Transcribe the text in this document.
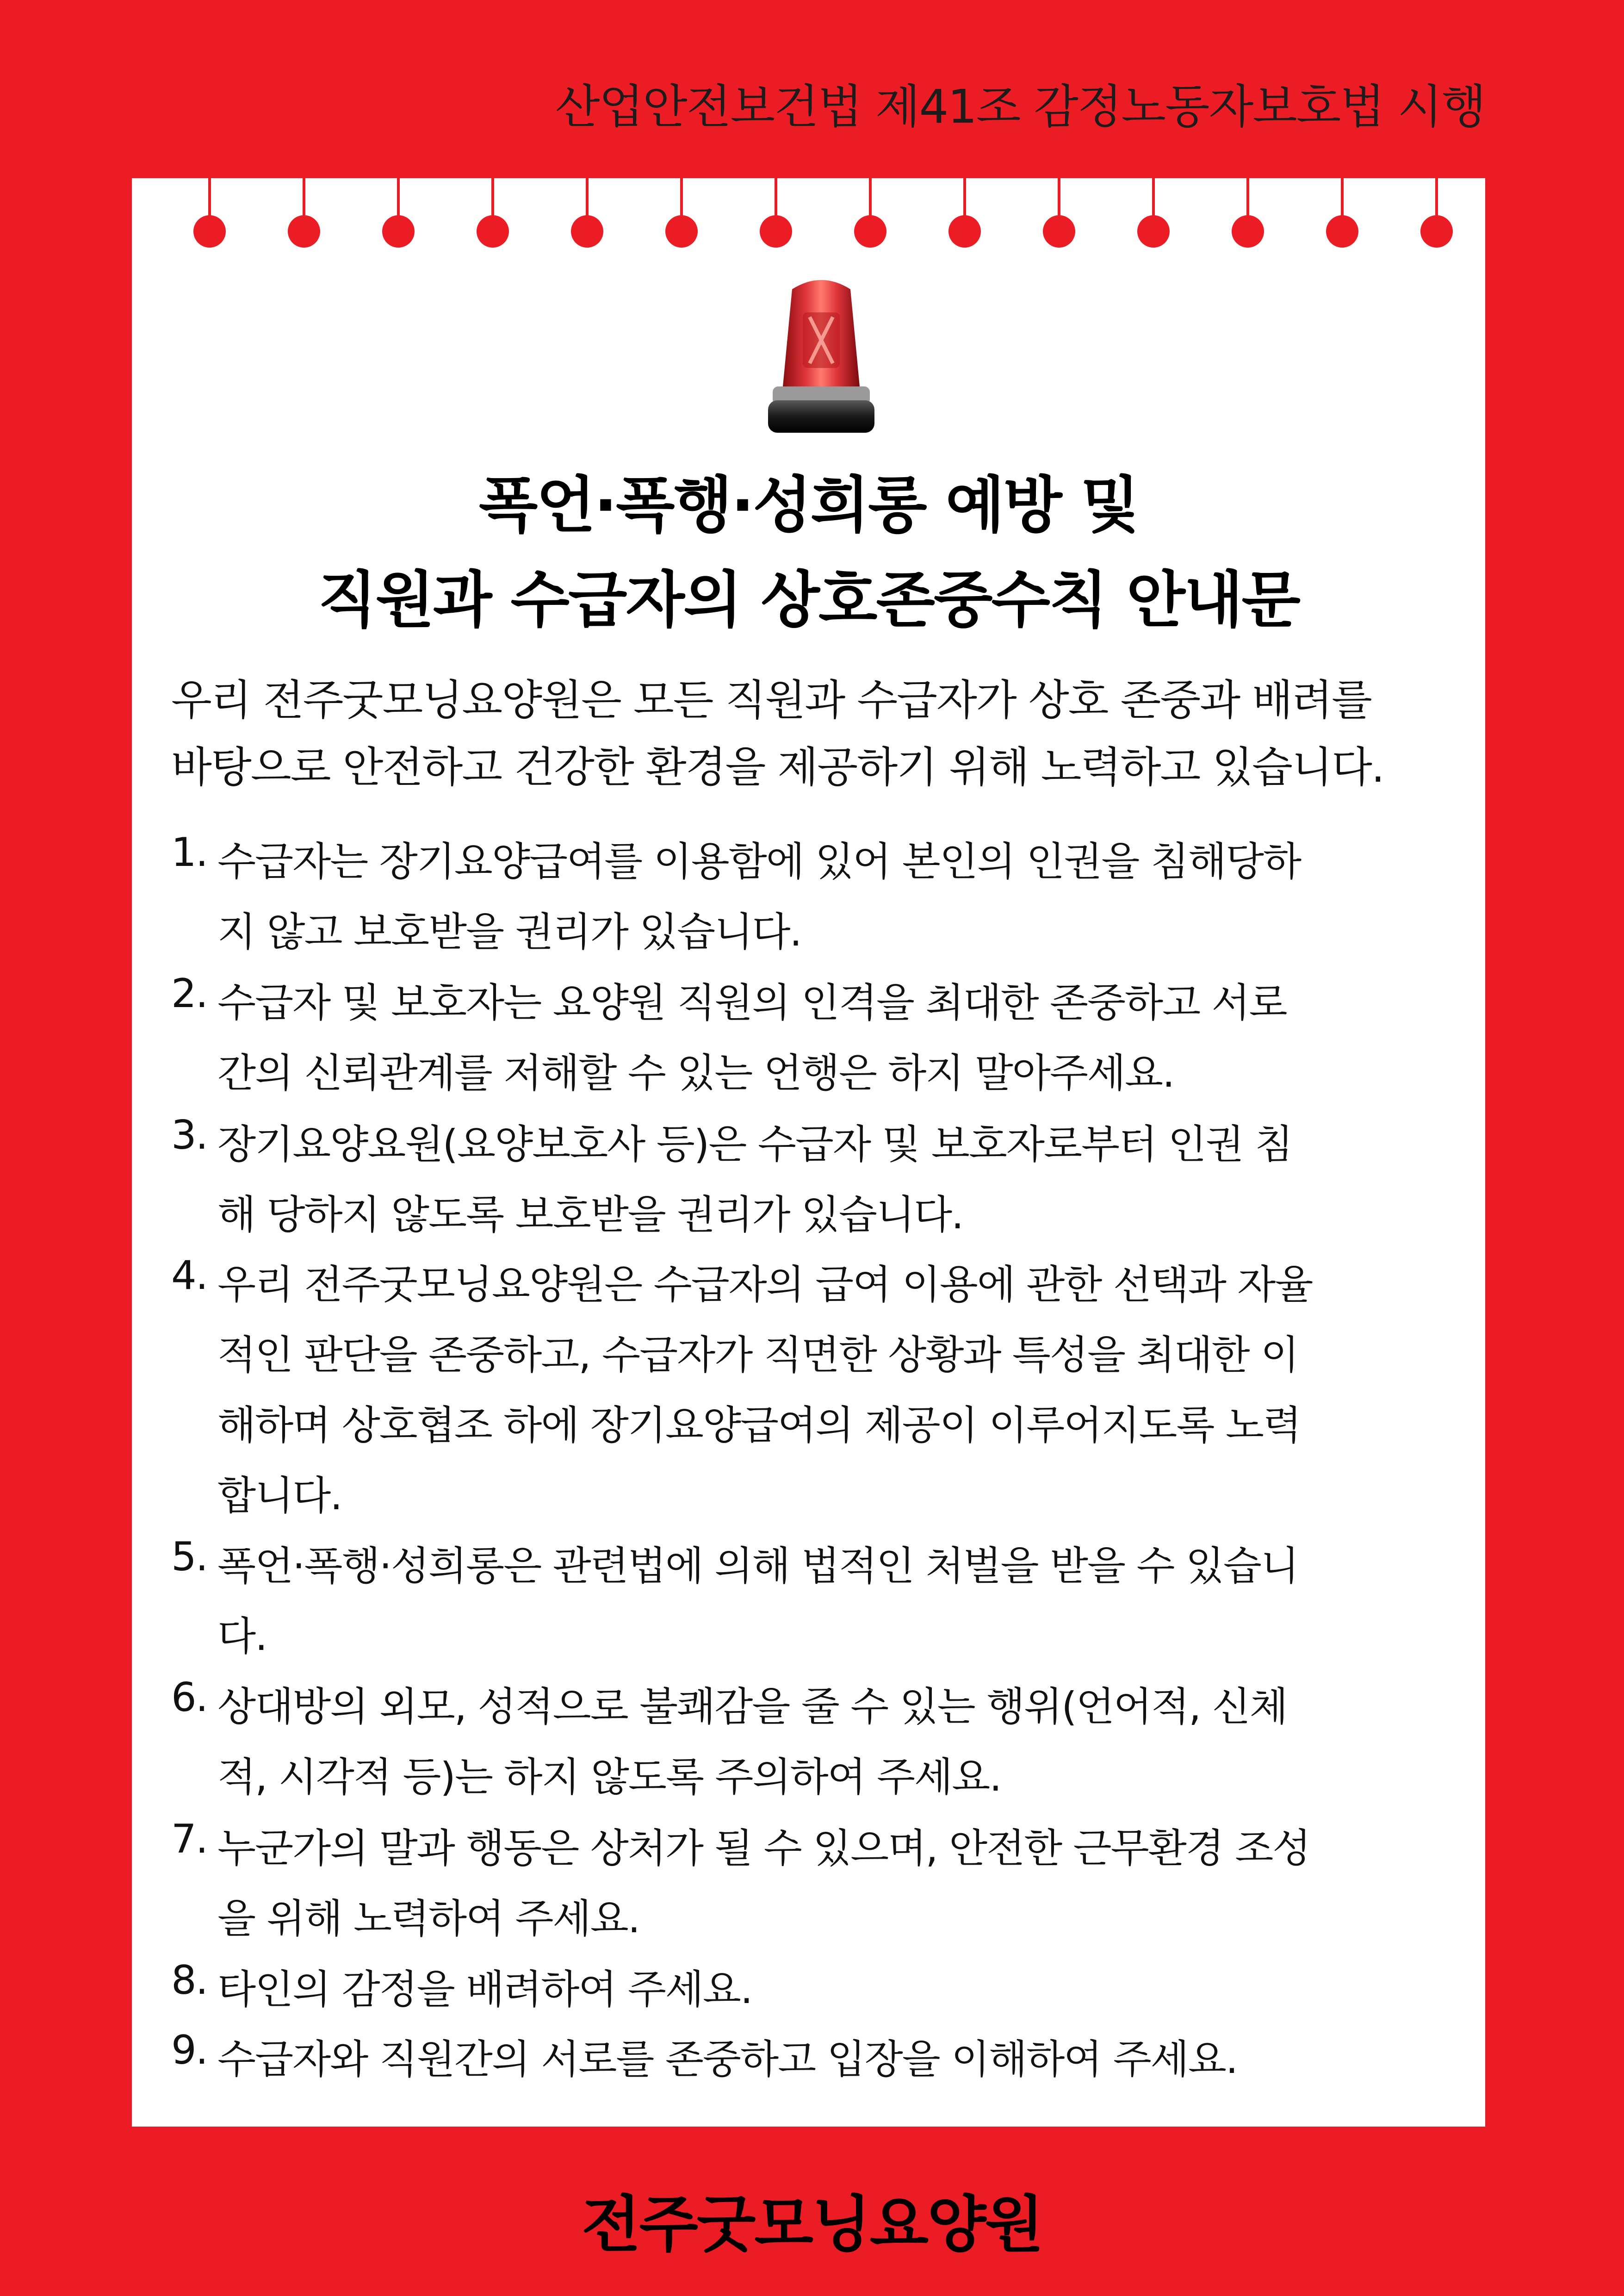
산업안전보건법 제41조 감정노동자보호법 시행
폭언·폭행·성희롱 예방 및
직원과 수급자의 상호존중수칙 안내문
우리 전주굿모닝요양원은 모든 직원과 수급자가 상호 존중과 배려를
바탕으로 안전하고 건강한 환경을 제공하기 위해 노력하고 있습니다.
1. 수급자는 장기요양급여를 이용함에 있어 본인의 인권을 침해당하
지 않고 보호받을 권리가 있습니다.
2. 수급자 및 보호자는 요양원 직원의 인격을 최대한 존중하고 서로
간의 신뢰관계를 저해할 수 있는 언행은 하지 말아주세요.
3. 장기요양요원(요양보호사 등)은 수급자 및 보호자로부터 인권 침
해 당하지 않도록 보호받을 권리가 있습니다.
4. 우리 전주굿모닝요양원은 수급자의 급여 이용에 관한 선택과 자율
적인 판단을 존중하고, 수급자가 직면한 상황과 특성을 최대한 이
해하며 상호협조 하에 장기요양급여의 제공이 이루어지도록 노력
합니다.
5. 폭언·폭행·성희롱은 관련법에 의해 법적인 처벌을 받을 수 있습니
다.
6. 상대방의 외모, 성적으로 불쾌감을 줄 수 있는 행위(언어적, 신체
적, 시각적 등)는 하지 않도록 주의하여 주세요.
7. 누군가의 말과 행동은 상처가 될 수 있으며, 안전한 근무환경 조성
을 위해 노력하여 주세요.
8. 타인의 감정을 배려하여 주세요.
9. 수급자와 직원간의 서로를 존중하고 입장을 이해하여 주세요.
전주굿모닝요양원
